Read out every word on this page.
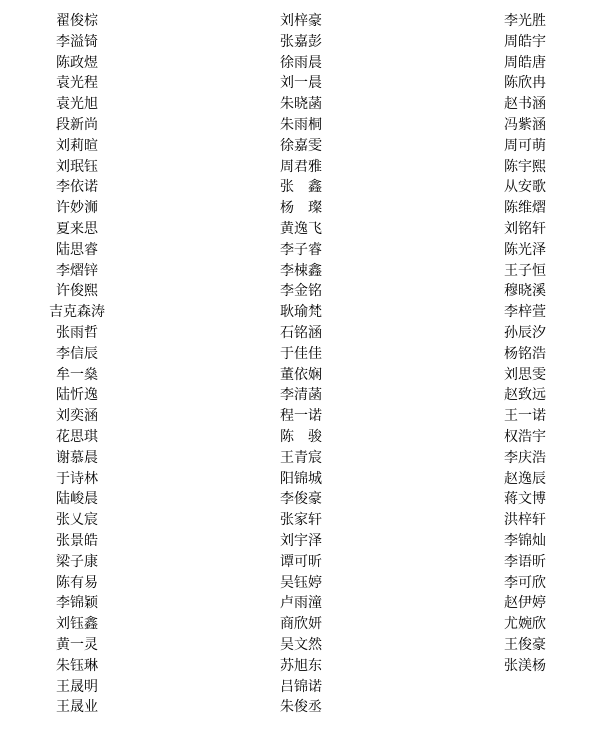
翟俊棕
李溢锜
陈政煜
袁光程
袁光旭
段新尚
刘莉暄
刘珉钰
李依诺
许妙浉
夏来思
陆思睿
李熠锌
许俊熙
吉克森涛
张雨哲
李信辰
牟一燊
陆忻逸
刘奕涵
花思琪
谢慕晨
于诗林
陆峻晨
张乂宸
张景皓
梁子康
陈有易
李锦颖
刘钰鑫
黄一灵
朱钰琳
王晟明
王晟业
刘梓豪
张嘉彭
徐雨晨
刘一晨
朱晓菡
朱雨桐
徐嘉雯
周君雅
张　鑫
杨　璨
黄逸飞
李子睿
李梀鑫
李金铭
耿瑜梵
石铭涵
于佳佳
董依娴
李清菡
程一诺
陈　骏
王青宸
阳锦城
李俊豪
张家轩
刘宇泽
谭可昕
吴钰婷
卢雨潼
商欣妍
吴文然
苏旭东
吕锦诺
朱俊丞
李光胜
周皓宇
周皓唐
陈欣冉
赵书涵
冯紫涵
周可萌
陈宇熙
从安歌
陈维熠
刘铭轩
陈光泽
王子恒
穆晓溪
李梓萱
孙辰汐
杨铭浩
刘思雯
赵致远
王一诺
权浩宇
李庆浩
赵逸辰
蒋文博
洪梓轩
李锦灿
李语昕
李可欣
赵伊婷
尤婉欣
王俊豪
张渼杨
